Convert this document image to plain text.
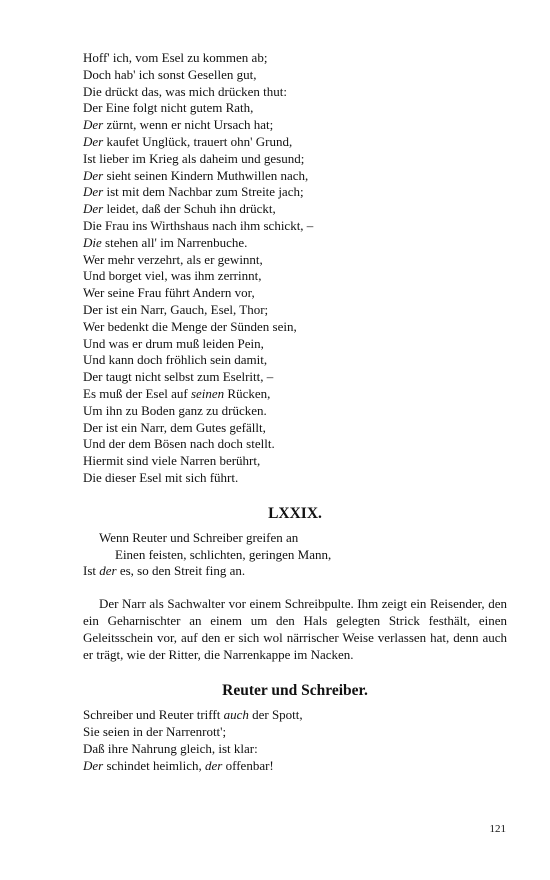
Hoff' ich, vom Esel zu kommen ab;
Doch hab' ich sonst Gesellen gut,
Die drückt das, was mich drücken thut:
Der Eine folgt nicht gutem Rath,
Der zürnt, wenn er nicht Ursach hat;
Der kaufet Unglück, trauert ohn' Grund,
Ist lieber im Krieg als daheim und gesund;
Der sieht seinen Kindern Muthwillen nach,
Der ist mit dem Nachbar zum Streite jach;
Der leidet, daß der Schuh ihn drückt,
Die Frau ins Wirthshaus nach ihm schickt, –
Die stehen all' im Narrenbuche.
Wer mehr verzehrt, als er gewinnt,
Und borget viel, was ihm zerrinnt,
Wer seine Frau führt Andern vor,
Der ist ein Narr, Gauch, Esel, Thor;
Wer bedenkt die Menge der Sünden sein,
Und was er drum muß leiden Pein,
Und kann doch fröhlich sein damit,
Der taugt nicht selbst zum Eselritt, –
Es muß der Esel auf seinen Rücken,
Um ihn zu Boden ganz zu drücken.
Der ist ein Narr, dem Gutes gefällt,
Und der dem Bösen nach doch stellt.
Hiermit sind viele Narren berührt,
Die dieser Esel mit sich führt.
LXXIX.
Wenn Reuter und Schreiber greifen an
Einen feisten, schlichten, geringen Mann,
Ist der es, so den Streit fing an.
Der Narr als Sachwalter vor einem Schreibpulte. Ihm zeigt ein Reisender, den ein Geharnischter an einem um den Hals gelegten Strick festhält, einen Geleitsschein vor, auf den er sich wol närrischer Weise verlassen hat, denn auch er trägt, wie der Ritter, die Narrenkappe im Nacken.
Reuter und Schreiber.
Schreiber und Reuter trifft auch der Spott,
Sie seien in der Narrenrott';
Daß ihre Nahrung gleich, ist klar:
Der schindet heimlich, der offenbar!
121
